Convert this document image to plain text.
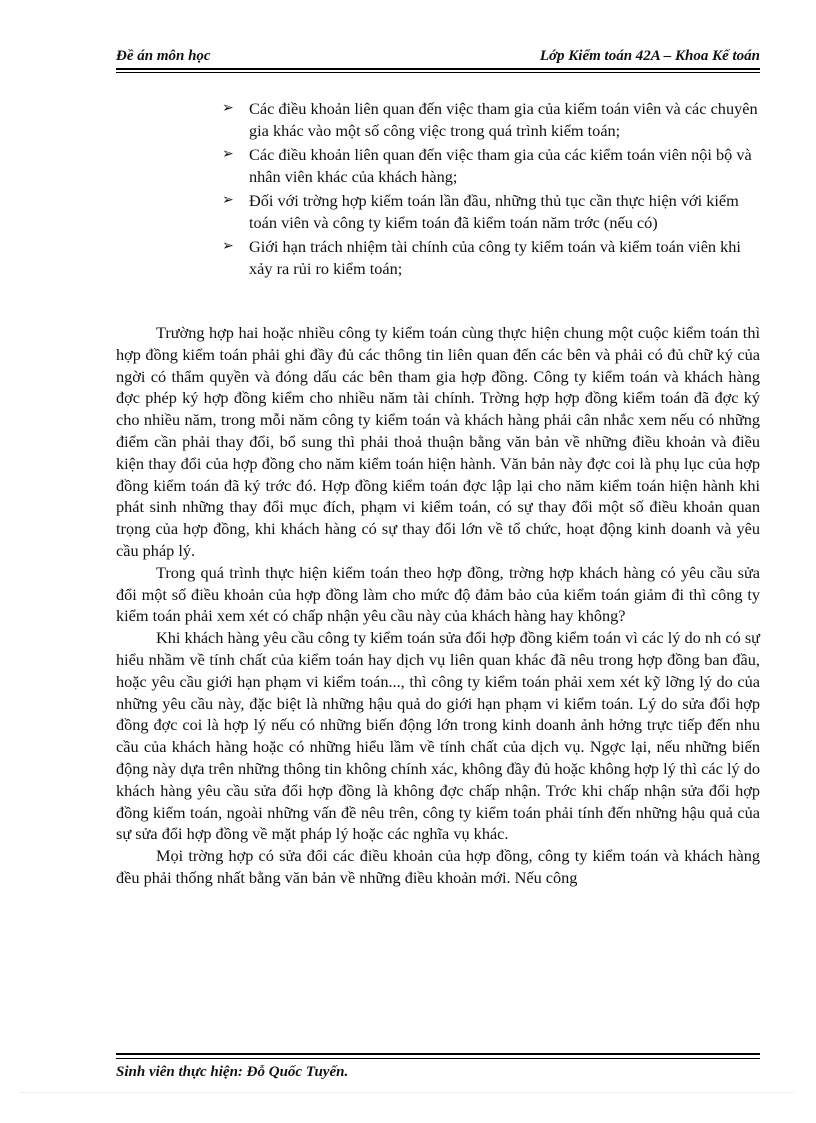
Đề án môn học	Lớp Kiểm toán 42A – Khoa Kế toán
➢ Các điều khoản liên quan đến việc tham gia của kiểm toán viên và các chuyên gia khác vào một số công việc trong quá trình kiểm toán;
➢ Các điều khoản liên quan đến việc tham gia của các kiểm toán viên nội bộ và nhân viên khác của khách hàng;
➢ Đối với trờng hợp kiểm toán lần đầu, những thủ tục cần thực hiện với kiểm toán viên và công ty kiểm toán đã kiểm toán năm trớc (nếu có)
➢ Giới hạn trách nhiệm tài chính của công ty kiểm toán và kiểm toán viên khi xảy ra rủi ro kiểm toán;

Trường hợp hai hoặc nhiều công ty kiểm toán cùng thực hiện chung một cuộc kiểm toán thì hợp đồng kiểm toán phải ghi đầy đủ các thông tin liên quan đến các bên và phải có đủ chữ ký của ngời có thẩm quyền và đóng dấu các bên tham gia hợp đồng. Công ty kiểm toán và khách hàng đợc phép ký hợp đồng kiểm cho nhiều năm tài chính. Trờng hợp hợp đồng kiểm toán đã đợc ký cho nhiều năm, trong mỗi năm công ty kiểm toán và khách hàng phải cân nhắc xem nếu có những điểm cần phải thay đổi, bổ sung thì phải thoả thuận bằng văn bản về những điều khoản và điều kiện thay đổi của hợp đồng cho năm kiểm toán hiện hành. Văn bản này đợc coi là phụ lục của hợp đồng kiểm toán đã ký trớc đó. Hợp đồng kiểm toán đợc lập lại cho năm kiểm toán hiện hành khi phát sinh những thay đổi mục đích, phạm vi kiểm toán, có sự thay đổi một số điều khoản quan trọng của hợp đồng, khi khách hàng có sự thay đổi lớn về tổ chức, hoạt động kinh doanh và yêu cầu pháp lý.

Trong quá trình thực hiện kiểm toán theo hợp đồng, trờng hợp khách hàng có yêu cầu sửa đổi một số điều khoản của hợp đồng làm cho mức độ đảm bảo của kiểm toán giảm đi thì công ty kiểm toán phải xem xét có chấp nhận yêu cầu này của khách hàng hay không?

Khi khách hàng yêu cầu công ty kiểm toán sửa đổi hợp đồng kiểm toán vì các lý do nh có sự hiểu nhầm về tính chất của kiểm toán hay dịch vụ liên quan khác đã nêu trong hợp đồng ban đầu, hoặc yêu cầu giới hạn phạm vi kiểm toán..., thì công ty kiểm toán phải xem xét kỹ lỡng lý do của những yêu cầu này, đặc biệt là những hậu quả do giới hạn phạm vi kiểm toán. Lý do sửa đổi hợp đồng đợc coi là hợp lý nếu có những biến động lớn trong kinh doanh ảnh hởng trực tiếp đến nhu cầu của khách hàng hoặc có những hiểu lầm về tính chất của dịch vụ. Ngợc lại, nếu những biến động này dựa trên những thông tin không chính xác, không đầy đủ hoặc không hợp lý thì các lý do khách hàng yêu cầu sửa đổi hợp đồng là không đợc chấp nhận. Trớc khi chấp nhận sửa đổi hợp đồng kiểm toán, ngoài những vấn đề nêu trên, công ty kiểm toán phải tính đến những hậu quả của sự sửa đổi hợp đồng về mặt pháp lý hoặc các nghĩa vụ khác.

Mọi trờng hợp có sửa đổi các điều khoản của hợp đồng, công ty kiểm toán và khách hàng đều phải thống nhất bằng văn bản về những điều khoản mới. Nếu công

Sinh viên thực hiện: Đỗ Quốc Tuyến.
